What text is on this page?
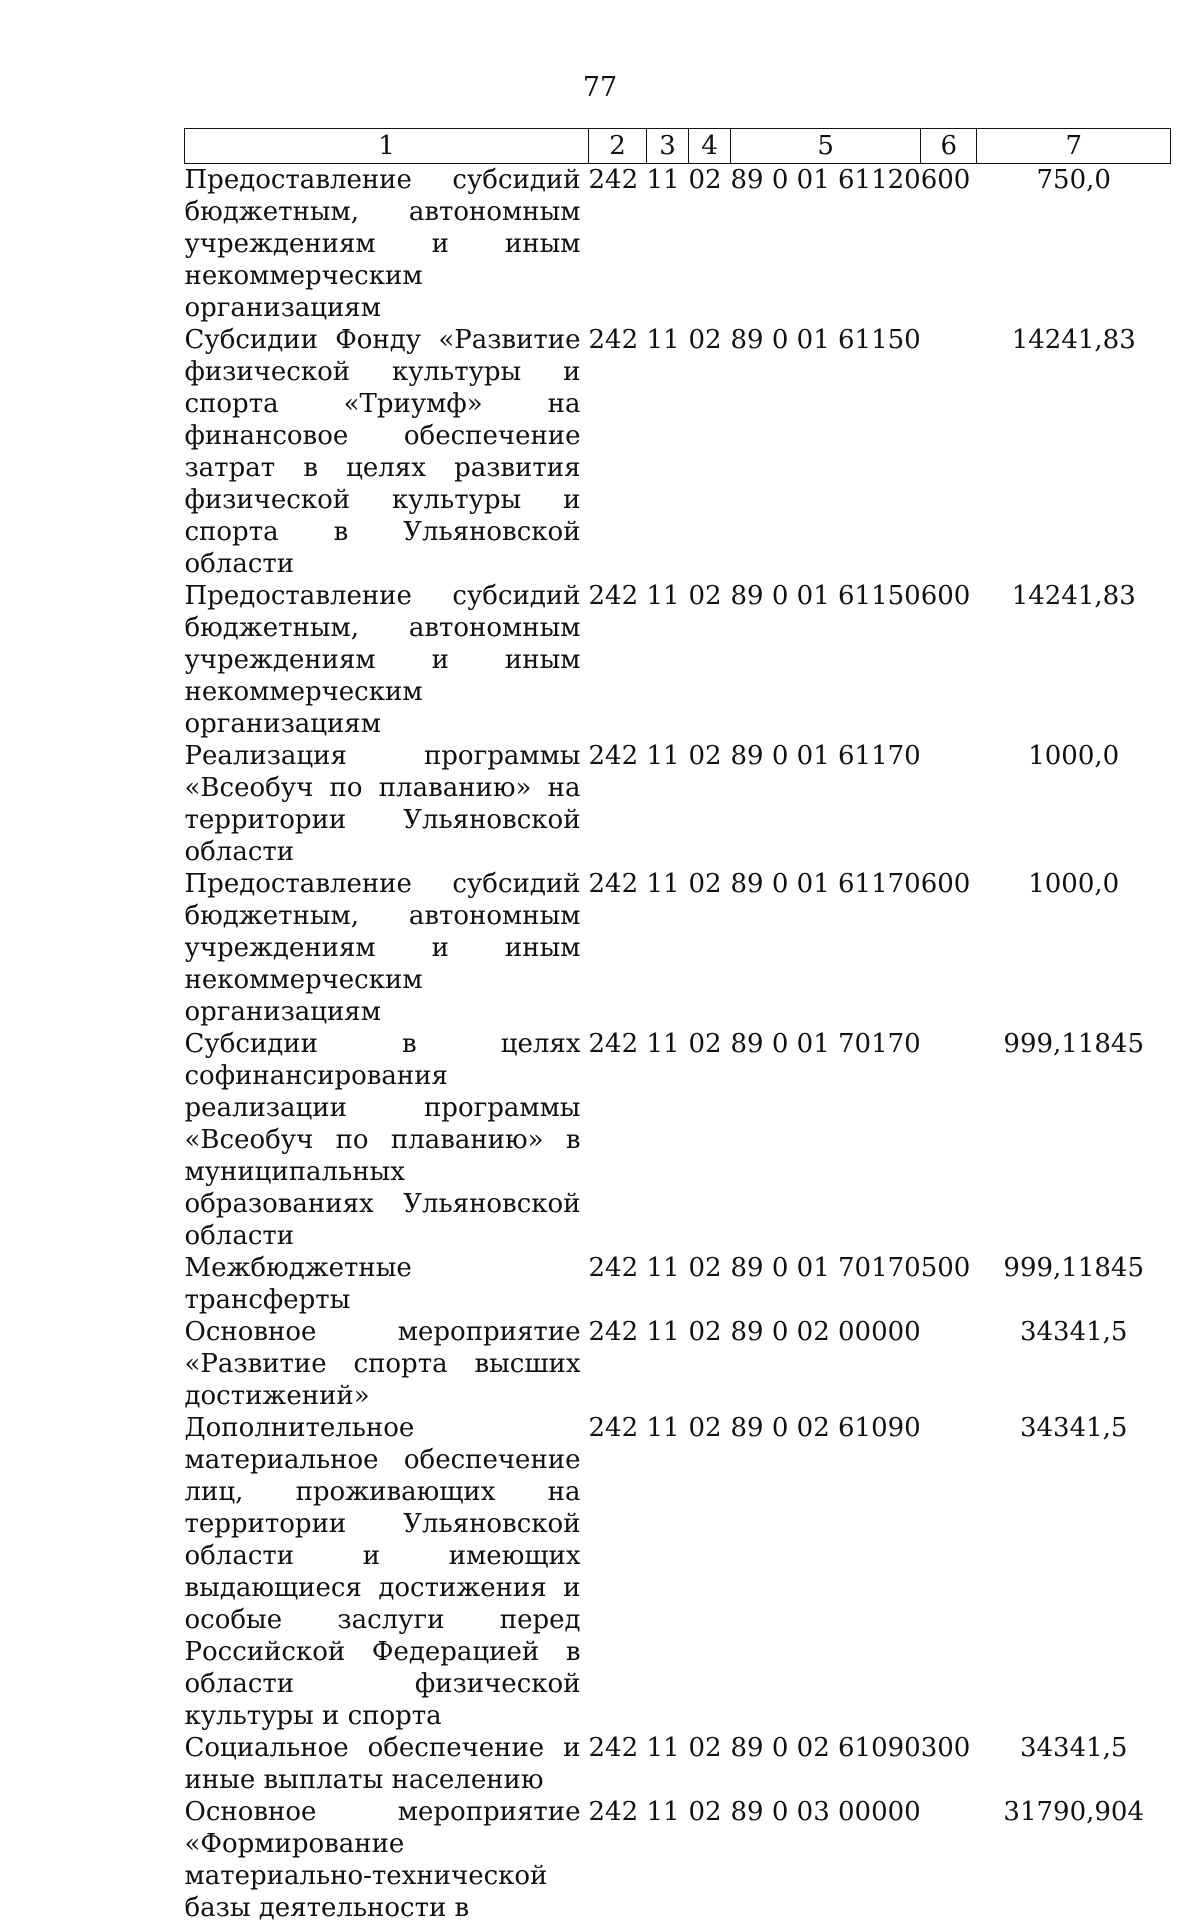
77
1	2	3	4	5	6	7
Предоставление субсидий бюджетным, автономным учреждениям и иным некоммерческим организациям	242	11	02	89 0 01 61120	600	750,0
Субсидии Фонду «Развитие физической культуры и спорта «Триумф» на финансовое обеспечение затрат в целях развития физической культуры и спорта в Ульяновской области	242	11	02	89 0 01 61150		14241,83
Предоставление субсидий бюджетным, автономным учреждениям и иным некоммерческим организациям	242	11	02	89 0 01 61150	600	14241,83
Реализация программы «Всеобуч по плаванию» на территории Ульяновской области	242	11	02	89 0 01 61170		1000,0
Предоставление субсидий бюджетным, автономным учреждениям и иным некоммерческим организациям	242	11	02	89 0 01 61170	600	1000,0
Субсидии в целях софинансирования реализации программы «Всеобуч по плаванию» в муниципальных образованиях Ульяновской области	242	11	02	89 0 01 70170		999,11845
Межбюджетные трансферты	242	11	02	89 0 01 70170	500	999,11845
Основное мероприятие «Развитие спорта высших достижений»	242	11	02	89 0 02 00000		34341,5
Дополнительное материальное обеспечение лиц, проживающих на территории Ульяновской области и имеющих выдающиеся достижения и особые заслуги перед Российской Федерацией в области физической культуры и спорта	242	11	02	89 0 02 61090		34341,5
Социальное обеспечение и иные выплаты населению	242	11	02	89 0 02 61090	300	34341,5
Основное мероприятие «Формирование материально-технической базы деятельности в	242	11	02	89 0 03 00000		31790,904
